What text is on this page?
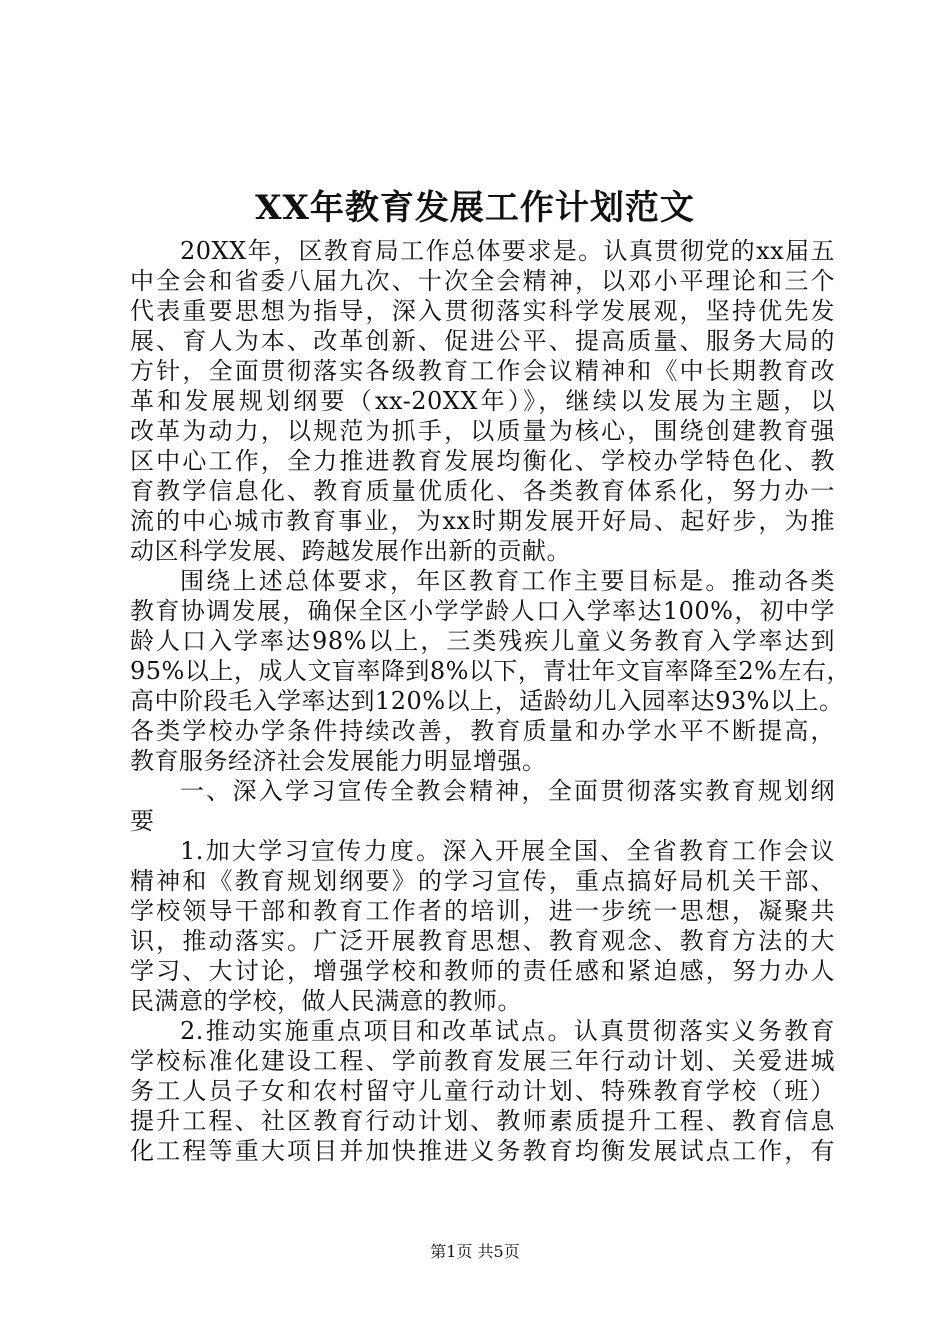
XX年教育发展工作计划范文
20XX年，区教育局工作总体要求是。认真贯彻党的xx届五
中全会和省委八届九次、十次全会精神，以邓小平理论和三个
代表重要思想为指导，深入贯彻落实科学发展观，坚持优先发
展、育人为本、改革创新、促进公平、提高质量、服务大局的
方针，全面贯彻落实各级教育工作会议精神和《中长期教育改
革和发展规划纲要（xx-20XX年）》，继续以发展为主题，以
改革为动力，以规范为抓手，以质量为核心，围绕创建教育强
区中心工作，全力推进教育发展均衡化、学校办学特色化、教
育教学信息化、教育质量优质化、各类教育体系化，努力办一
流的中心城市教育事业，为xx时期发展开好局、起好步，为推
动区科学发展、跨越发展作出新的贡献。
围绕上述总体要求，年区教育工作主要目标是。推动各类
教育协调发展，确保全区小学学龄人口入学率达100%，初中学
龄人口入学率达98%以上，三类残疾儿童义务教育入学率达到
95%以上，成人文盲率降到8%以下，青壮年文盲率降至2%左右，
高中阶段毛入学率达到120%以上，适龄幼儿入园率达93%以上。
各类学校办学条件持续改善，教育质量和办学水平不断提高，
教育服务经济社会发展能力明显增强。
一、深入学习宣传全教会精神，全面贯彻落实教育规划纲
要
1.加大学习宣传力度。深入开展全国、全省教育工作会议
精神和《教育规划纲要》的学习宣传，重点搞好局机关干部、
学校领导干部和教育工作者的培训，进一步统一思想，凝聚共
识，推动落实。广泛开展教育思想、教育观念、教育方法的大
学习、大讨论，增强学校和教师的责任感和紧迫感，努力办人
民满意的学校，做人民满意的教师。
2.推动实施重点项目和改革试点。认真贯彻落实义务教育
学校标准化建设工程、学前教育发展三年行动计划、关爱进城
务工人员子女和农村留守儿童行动计划、特殊教育学校（班）
提升工程、社区教育行动计划、教师素质提升工程、教育信息
化工程等重大项目并加快推进义务教育均衡发展试点工作，有

第1页 共5页
